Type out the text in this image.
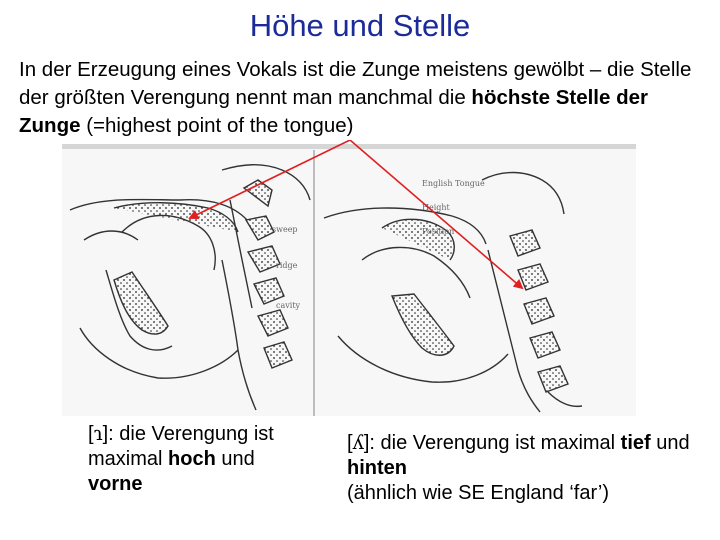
Höhe und Stelle
In der Erzeugung eines Vokals ist die Zunge meistens gewölbt – die Stelle der größten Verengung nennt man manchmal die höchste Stelle der Zunge (=highest point of the tongue)
sweep
ridge
cavity
English Tongue
Height
Position
[ɿ]: die Verengung ist maximal hoch und vorne
[ʎ]: die Verengung ist maximal tief und hinten
(ähnlich wie SE England ‘far’)
